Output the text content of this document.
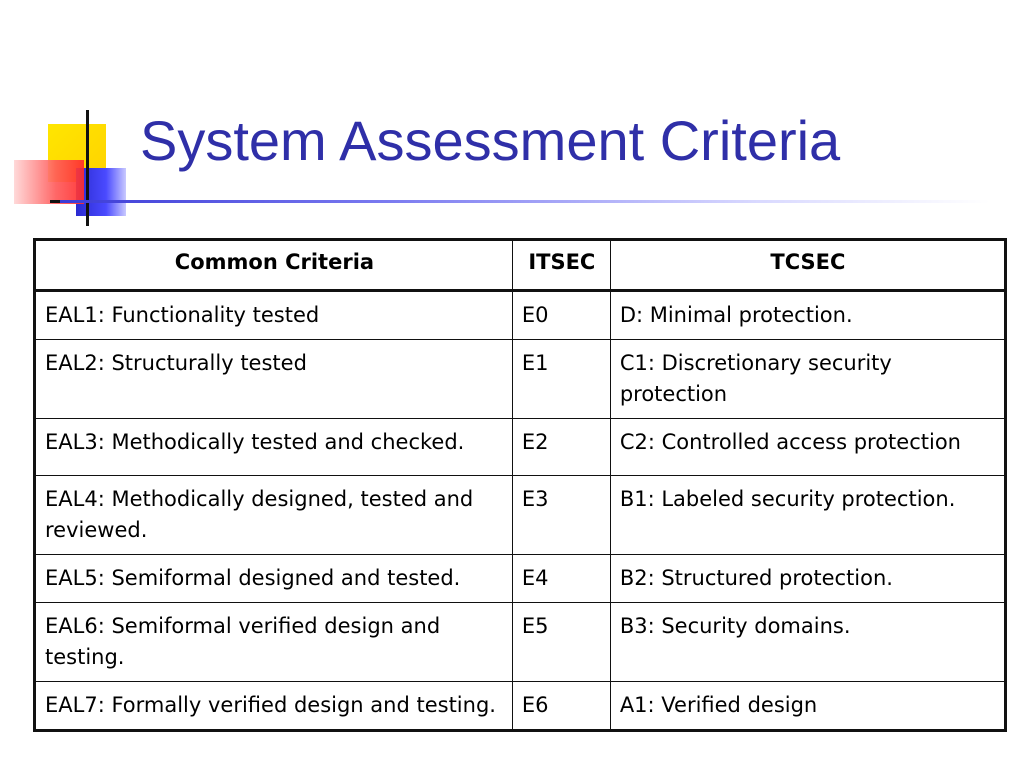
System Assessment Criteria
Common Criteria	ITSEC	TCSEC
EAL1: Functionality tested	E0	D: Minimal protection.
EAL2: Structurally tested	E1	C1: Discretionary security protection
EAL3: Methodically tested and checked.	E2	C2: Controlled access protection
EAL4: Methodically designed, tested and reviewed.	E3	B1: Labeled security protection.
EAL5: Semiformal designed and tested.	E4	B2: Structured protection.
EAL6: Semiformal verified design and testing.	E5	B3: Security domains.
EAL7: Formally verified design and testing.	E6	A1: Verified design
